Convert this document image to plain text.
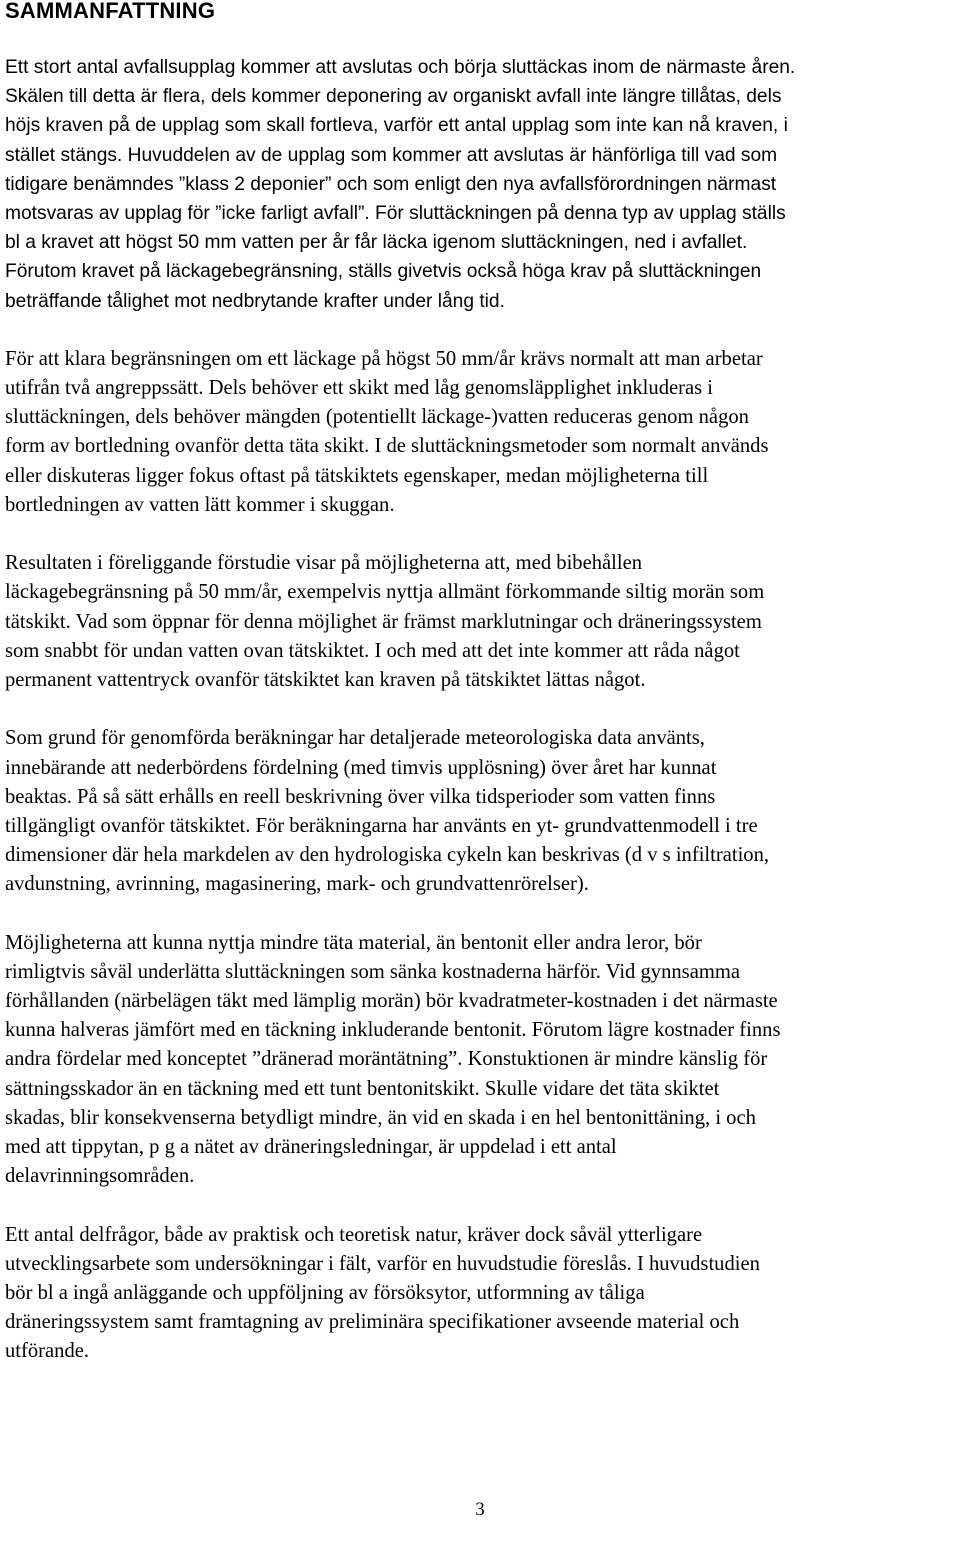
SAMMANFATTNING
Ett stort antal avfallsupplag kommer att avslutas och börja sluttäckas inom de närmaste åren.
Skälen till detta är flera, dels kommer deponering av organiskt avfall inte längre tillåtas, dels
höjs kraven på de upplag som skall fortleva, varför ett antal upplag som inte kan nå kraven, i
stället stängs. Huvuddelen av de upplag som kommer att avslutas är hänförliga till vad som
tidigare benämndes ”klass 2 deponier” och som enligt den nya avfallsförordningen närmast
motsvaras av upplag för ”icke farligt avfall”. För sluttäckningen på denna typ av upplag ställs
bl a kravet att högst 50 mm vatten per år får läcka igenom sluttäckningen, ned i avfallet.
Förutom kravet på läckagebegränsning, ställs givetvis också höga krav på sluttäckningen
beträffande tålighet mot nedbrytande krafter under lång tid.
För att klara begränsningen om ett läckage på högst 50 mm/år krävs normalt att man arbetar
utifrån två angreppssätt. Dels behöver ett skikt med låg genomsläpplighet inkluderas i
sluttäckningen, dels behöver mängden (potentiellt läckage-)vatten reduceras genom någon
form av bortledning ovanför detta täta skikt. I de sluttäckningsmetoder som normalt används
eller diskuteras ligger fokus oftast på tätskiktets egenskaper, medan möjligheterna till
bortledningen av vatten lätt kommer i skuggan.
Resultaten i föreliggande förstudie visar på möjligheterna att, med bibehållen
läckagebegränsning på 50 mm/år, exempelvis nyttja allmänt förkommande siltig morän som
tätskikt. Vad som öppnar för denna möjlighet är främst marklutningar och dräneringssystem
som snabbt för undan vatten ovan tätskiktet. I och med att det inte kommer att råda något
permanent vattentryck ovanför tätskiktet kan kraven på tätskiktet lättas något.
Som grund för genomförda beräkningar har detaljerade meteorologiska data använts,
innebärande att nederbördens fördelning (med timvis upplösning) över året har kunnat
beaktas. På så sätt erhålls en reell beskrivning över vilka tidsperioder som vatten finns
tillgängligt ovanför tätskiktet. För beräkningarna har använts en yt- grundvattenmodell i tre
dimensioner där hela markdelen av den hydrologiska cykeln kan beskrivas (d v s infiltration,
avdunstning, avrinning, magasinering, mark- och grundvattenrörelser).
Möjligheterna att kunna nyttja mindre täta material, än bentonit eller andra leror, bör
rimligtvis såväl underlätta sluttäckningen som sänka kostnaderna härför. Vid gynnsamma
förhållanden (närbelägen täkt med lämplig morän) bör kvadratmeter-kostnaden i det närmaste
kunna halveras jämfört med en täckning inkluderande bentonit. Förutom lägre kostnader finns
andra fördelar med konceptet ”dränerad moräntätning”. Konstuktionen är mindre känslig för
sättningsskador än en täckning med ett tunt bentonitskikt. Skulle vidare det täta skiktet
skadas, blir konsekvenserna betydligt mindre, än vid en skada i en hel bentonittäning, i och
med att tippytan, p g a nätet av dräneringsledningar, är uppdelad i ett antal
delavrinningsområden.
Ett antal delfrågor, både av praktisk och teoretisk natur, kräver dock såväl ytterligare
utvecklingsarbete som undersökningar i fält, varför en huvudstudie föreslås. I huvudstudien
bör bl a ingå anläggande och uppföljning av försöksytor, utformning av tåliga
dräneringssystem samt framtagning av preliminära specifikationer avseende material och
utförande.
3
